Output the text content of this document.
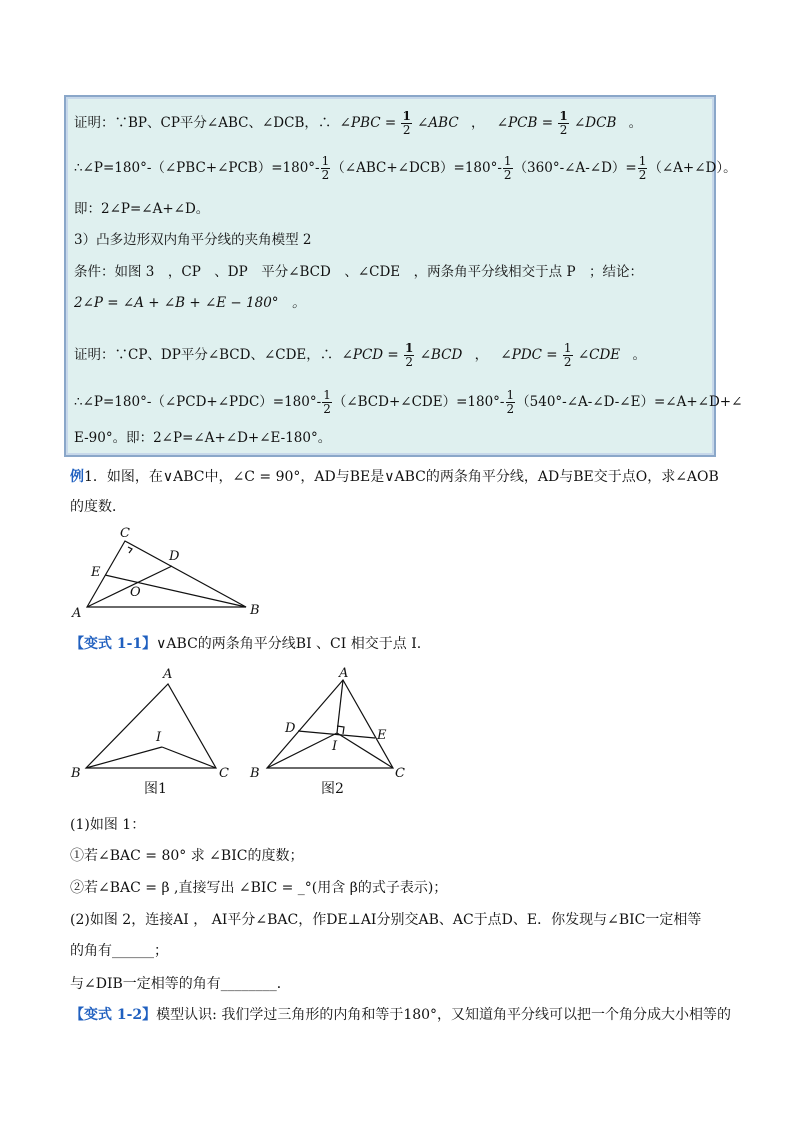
证明：∵BP、CP平分∠ABC、∠DCB，∴ ∠PBC = $\frac{1}{2}$ ∠ABC ， ∠PCB = $\frac{1}{2}$ ∠DCB 。
∴∠P=180°-（∠PBC+∠PCB）=180°- $\frac{1}{2}$ （∠ABC+∠DCB）=180°- $\frac{1}{2}$ （360°-∠A-∠D）= $\frac{1}{2}$ （∠A+∠D）。
即：2∠P=∠A+∠D。
3）凸多边形双内角平分线的夹角模型 2
条件：如图 3　，CP　、DP　平分∠BCD　、∠CDE　，两条角平分线相交于点 P　；结论：
2∠P = ∠A + ∠B + ∠E − 180°　。
证明：∵CP、DP平分∠BCD、∠CDE，∴ ∠PCD = $\frac{1}{2}$ ∠BCD ， ∠PDC = $\frac{1}{2}$ ∠CDE 。
∴∠P=180°-（∠PCD+∠PDC）=180°- $\frac{1}{2}$ （∠BCD+∠CDE）=180°- $\frac{1}{2}$ （540°-∠A-∠D-∠E）=∠A+∠D+∠
E-90°。即：2∠P=∠A+∠D+∠E-180°。
例1．如图，在∨ABC中，∠C = 90°，AD与BE是∨ABC的两条角平分线，AD与BE交于点O，求∠AOB
的度数．
A	B
C
D
E
O
【变式 1-1】∨ABC的两条角平分线BI 、CI 相交于点 I.
A
B	C
I
图1
A
B	C
D	E
I
图2
(1)如图 1：
①若∠BAC = 80° 求 ∠BIC的度数；
②若∠BAC = β ,直接写出 ∠BIC = _°(用含 β的式子表示)；
(2)如图 2，连接AI ， AI平分∠BAC，作DE⊥AI分别交AB、AC于点D、E．你发现与∠BIC一定相等
的角有______；
与∠DIB一定相等的角有________．
【变式 1-2】模型认识: 我们学过三角形的内角和等于180°，又知道角平分线可以把一个角分成大小相等的
